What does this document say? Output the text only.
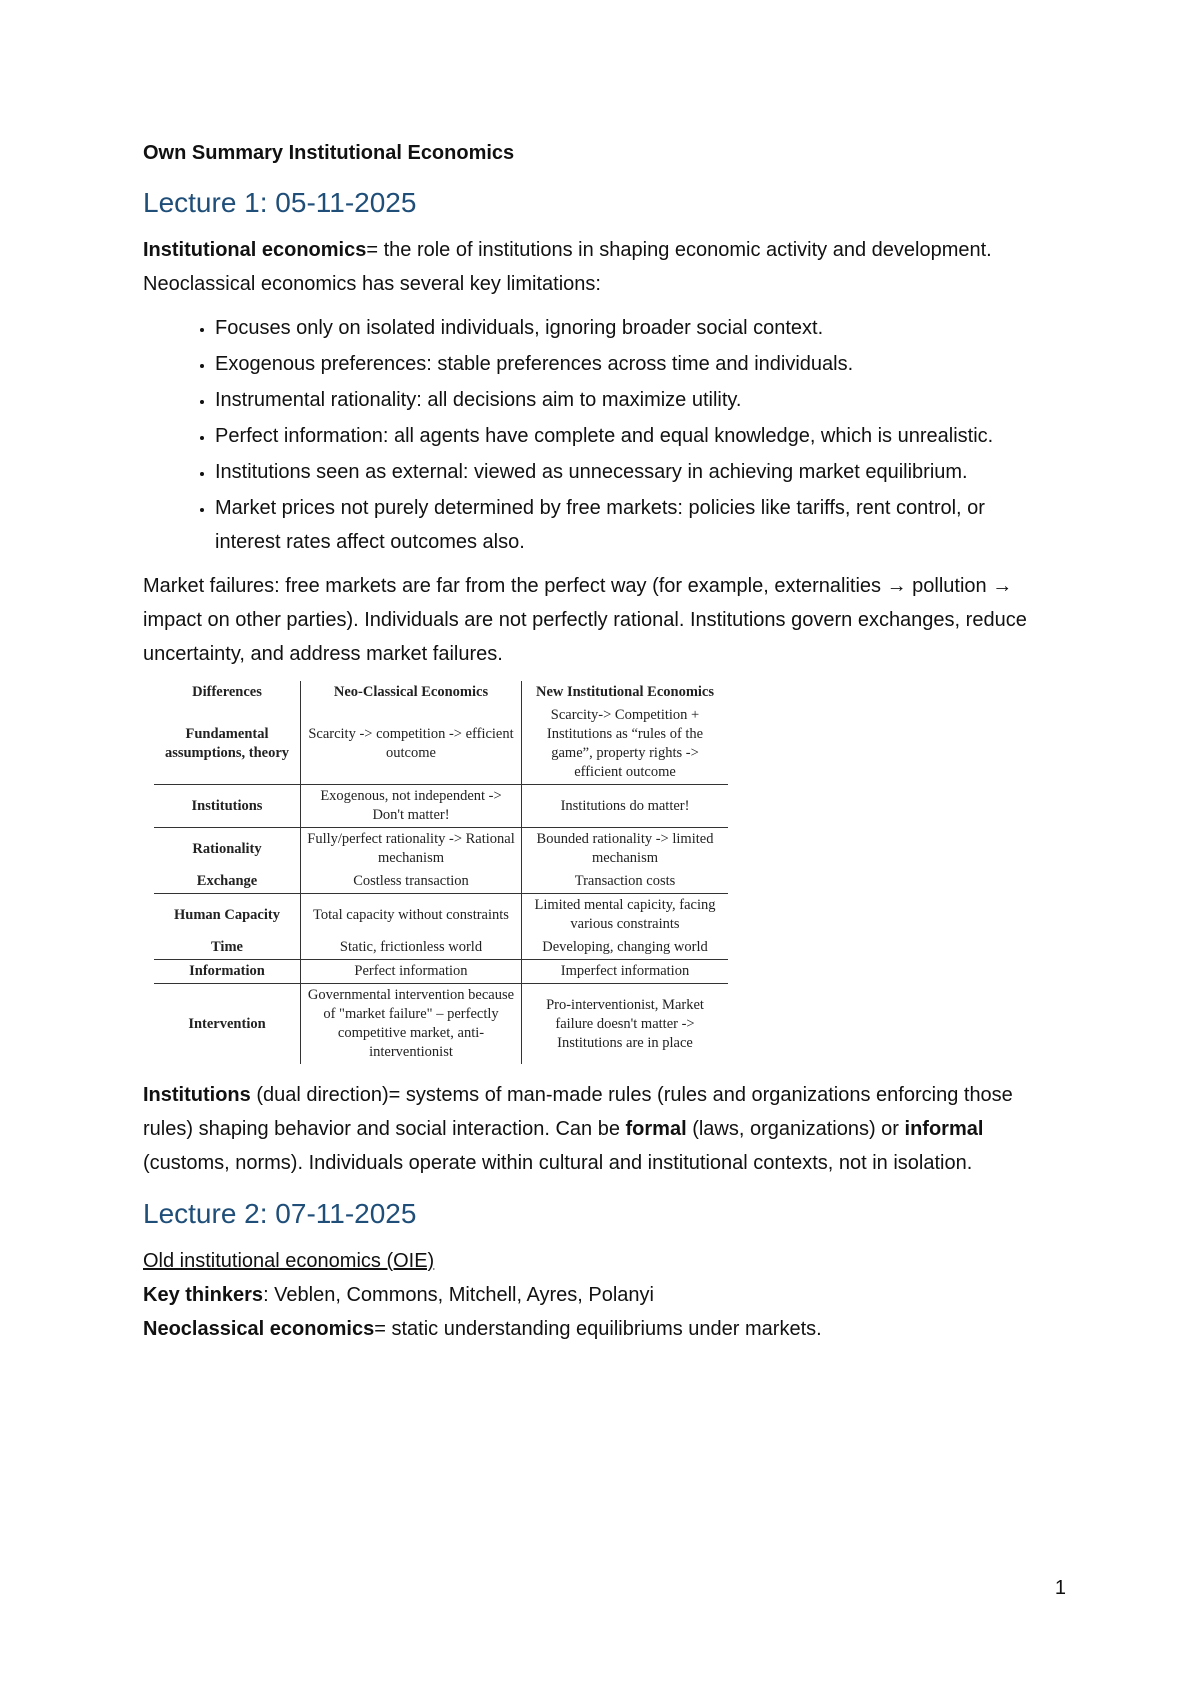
Own Summary Institutional Economics
Lecture 1: 05-11-2025

Institutional economics= the role of institutions in shaping economic activity and development. Neoclassical economics has several key limitations:

• Focuses only on isolated individuals, ignoring broader social context.
• Exogenous preferences: stable preferences across time and individuals.
• Instrumental rationality: all decisions aim to maximize utility.
• Perfect information: all agents have complete and equal knowledge, which is unrealistic.
• Institutions seen as external: viewed as unnecessary in achieving market equilibrium.
• Market prices not purely determined by free markets: policies like tariffs, rent control, or interest rates affect outcomes also.

Market failures: free markets are far from the perfect way (for example, externalities → pollution → impact on other parties). Individuals are not perfectly rational. Institutions govern exchanges, reduce uncertainty, and address market failures.

Differences	Neo-Classical Economics	New Institutional Economics
Fundamental assumptions, theory	Scarcity -> competition -> efficient outcome	Scarcity-> Competition + Institutions as “rules of the game”, property rights -> efficient outcome
Institutions	Exogenous, not independent -> Don't matter!	Institutions do matter!
Rationality	Fully/perfect rationality -> Rational mechanism	Bounded rationality -> limited mechanism
Exchange	Costless transaction	Transaction costs
Human Capacity	Total capacity without constraints	Limited mental capicity, facing various constraints
Time	Static, frictionless world	Developing, changing world
Information	Perfect information	Imperfect information
Intervention	Governmental intervention because of "market failure" – perfectly competitive market, anti-interventionist	Pro-interventionist, Market failure doesn't matter -> Institutions are in place

Institutions (dual direction)= systems of man-made rules (rules and organizations enforcing those rules) shaping behavior and social interaction. Can be formal (laws, organizations) or informal (customs, norms). Individuals operate within cultural and institutional contexts, not in isolation.

Lecture 2: 07-11-2025

Old institutional economics (OIE)

Key thinkers: Veblen, Commons, Mitchell, Ayres, Polanyi

Neoclassical economics= static understanding equilibriums under markets.

1
